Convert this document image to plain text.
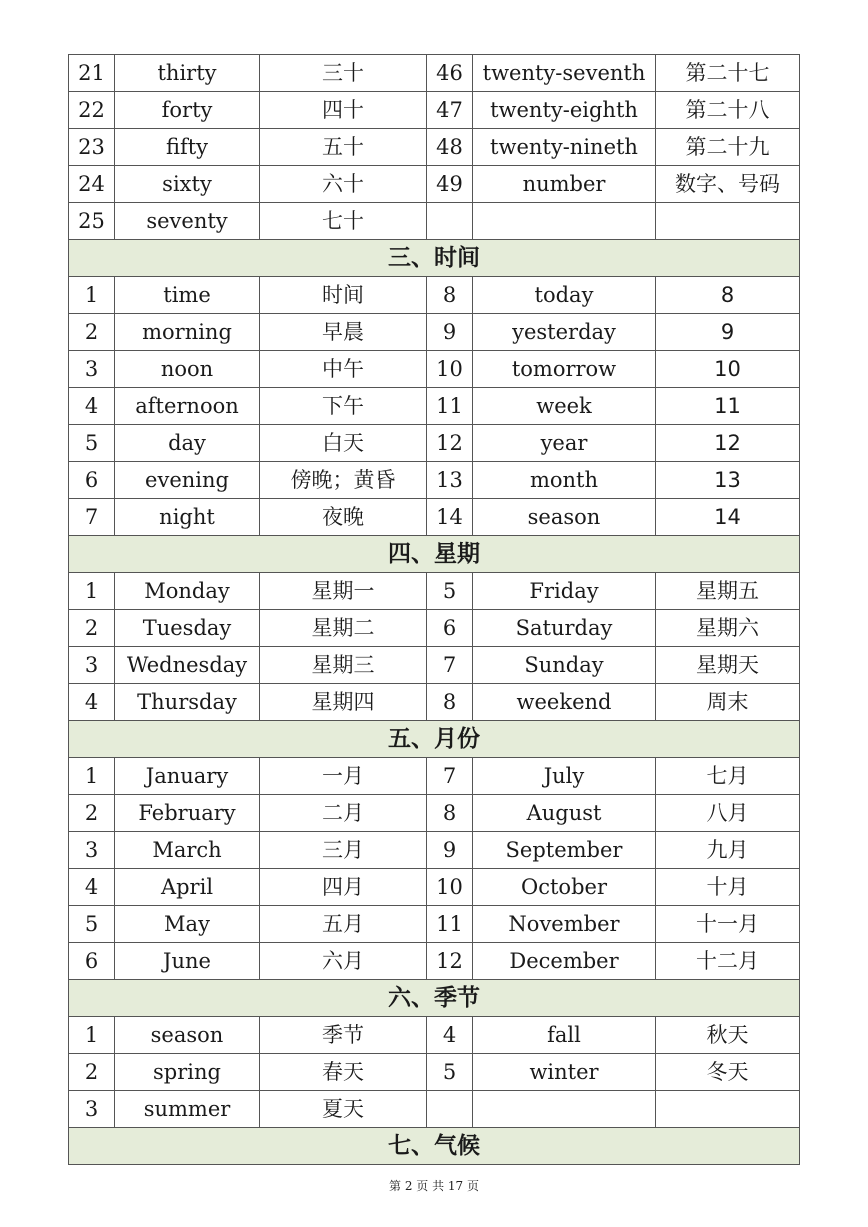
21	thirty	三十	46	twenty-seventh	第二十七
22	forty	四十	47	twenty-eighth	第二十八
23	fifty	五十	48	twenty-nineth	第二十九
24	sixty	六十	49	number	数字、号码
25	seventy	七十			
三、时间					
1	time	时间	8	today	8
2	morning	早晨	9	yesterday	9
3	noon	中午	10	tomorrow	10
4	afternoon	下午	11	week	11
5	day	白天	12	year	12
6	evening	傍晚；黄昏	13	month	13
7	night	夜晚	14	season	14
四、星期					
1	Monday	星期一	5	Friday	星期五
2	Tuesday	星期二	6	Saturday	星期六
3	Wednesday	星期三	7	Sunday	星期天
4	Thursday	星期四	8	weekend	周末
五、月份					
1	January	一月	7	July	七月
2	February	二月	8	August	八月
3	March	三月	9	September	九月
4	April	四月	10	October	十月
5	May	五月	11	November	十一月
6	June	六月	12	December	十二月
六、季节					
1	season	季节	4	fall	秋天
2	spring	春天	5	winter	冬天
3	summer	夏天			
七、气候					
第 2 页 共 17 页
